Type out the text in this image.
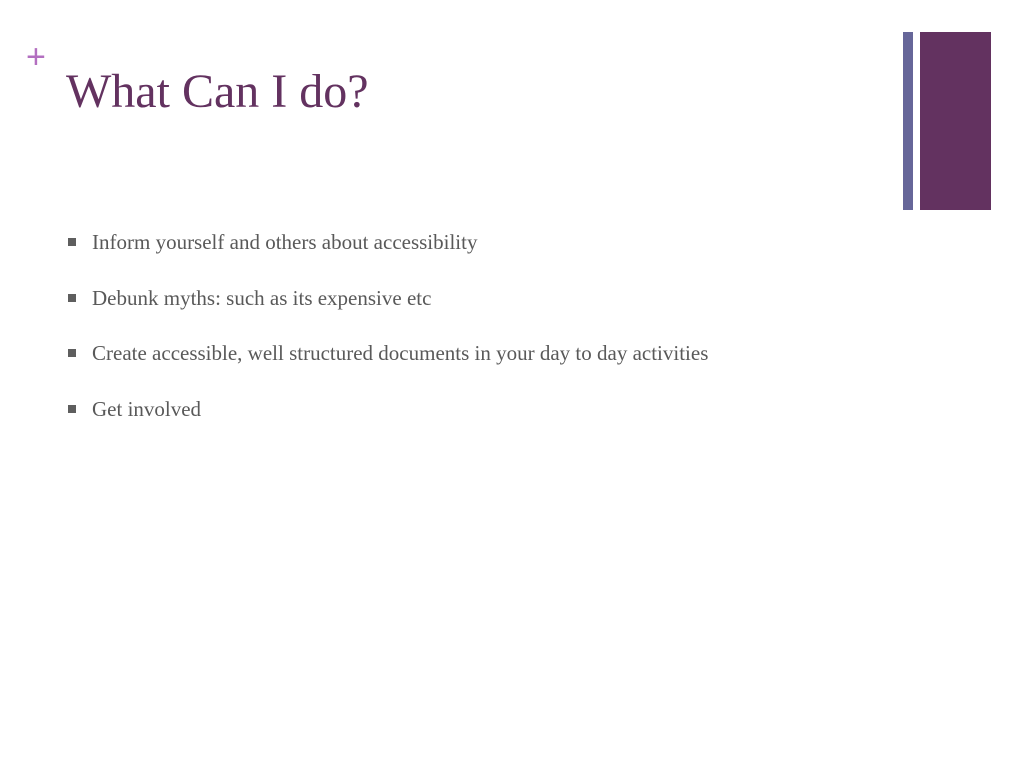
+
What Can I do?
Inform yourself and others about accessibility
Debunk myths: such as its expensive etc
Create accessible, well structured documents in your day to day activities
Get involved
